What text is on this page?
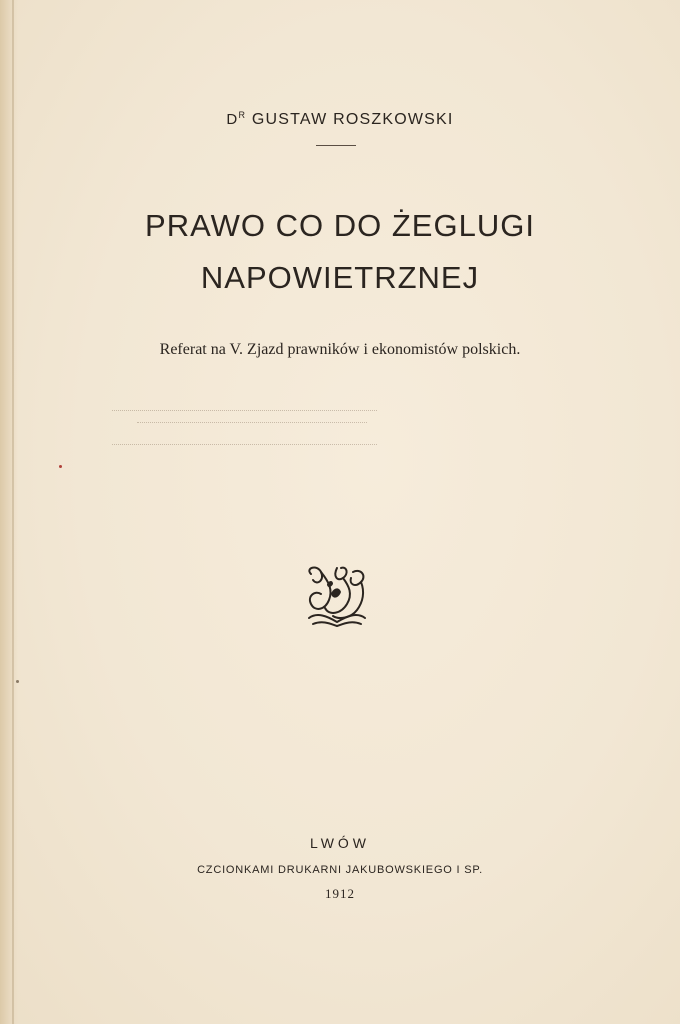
$D^R$ GUSTAW ROSZKOWSKI
PRAWO CO DO ŻEGLUGI
NAPOWIETRZNEJ
Referat na V. Zjazd prawników i ekonomistów polskich.
LWÓW
CZCIONKAMI DRUKARNI JAKUBOWSKIEGO I SP.
1912
